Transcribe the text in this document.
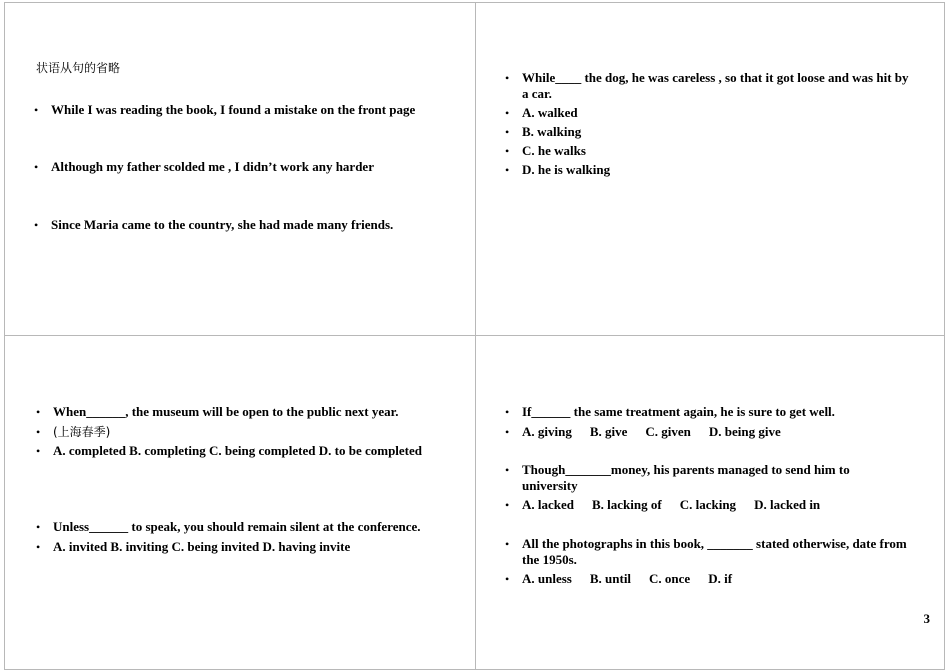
状语从句的省略
• While I was reading the book, I found a mistake on the front page
• Although my father scolded me , I didn’t work any harder
• Since Maria came to the country, she had made many friends.
• While____ the dog, he was careless , so that it got loose and was hit by a car.
• A. walked
• B. walking
• C. he walks
• D. he is walking
• When______, the museum will be open to the public next year.
• (上海春季)
• A. completed B. completing C. being completed D. to be completed
• Unless______ to speak, you should remain silent at the conference.
• A. invited B. inviting C. being invited D. having invite
• If______ the same treatment again, he is sure to get well.
• A. giving B. give C. given D. being give
• Though_______money, his parents managed to send him to university
• A. lacked B. lacking of C. lacking D. lacked in
• All the photographs in this book, _______ stated otherwise, date from the 1950s.
• A. unless B. until C. once D. if
3
